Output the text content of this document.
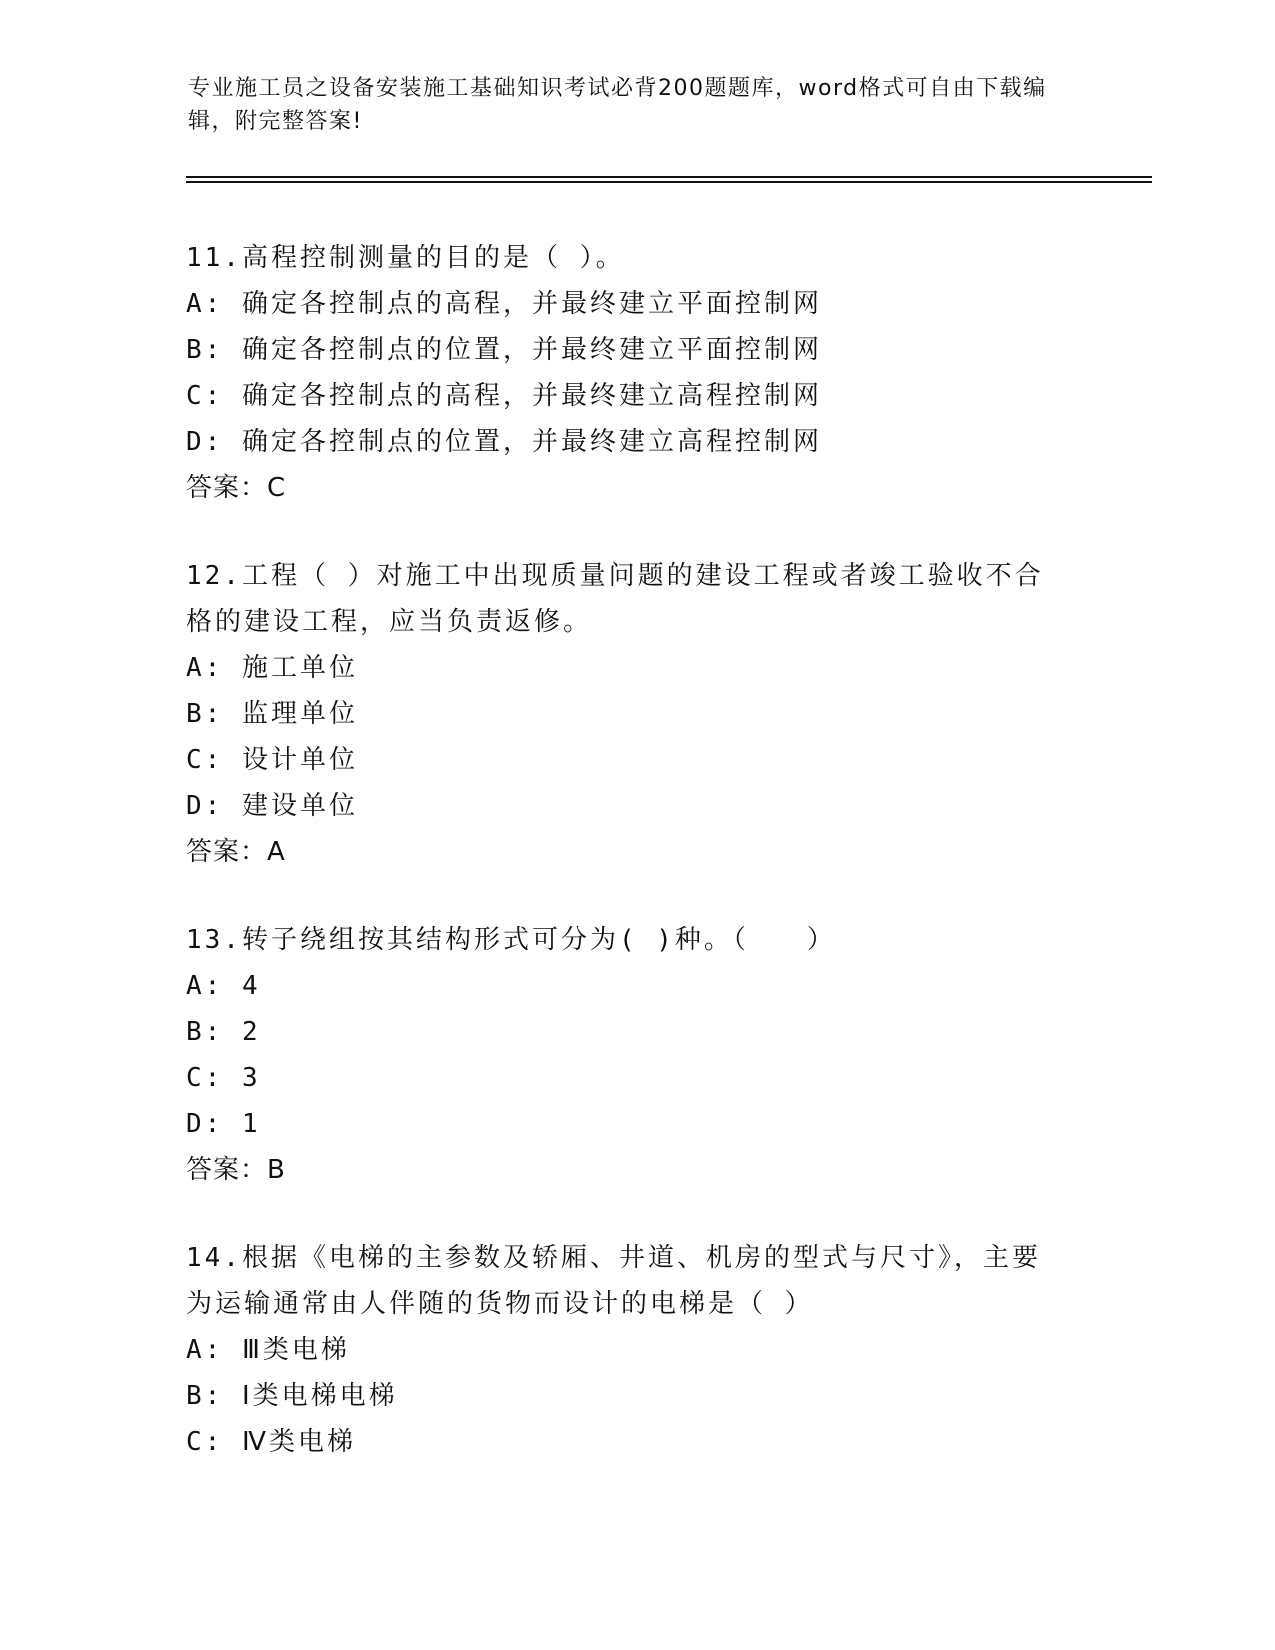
专业施工员之设备安装施工基础知识考试必背200题题库，word格式可自由下载编辑，附完整答案!
11.高程控制测量的目的是（ ）。
A: 确定各控制点的高程，并最终建立平面控制网
B: 确定各控制点的位置，并最终建立平面控制网
C: 确定各控制点的高程，并最终建立高程控制网
D: 确定各控制点的位置，并最终建立高程控制网
答案：C
12.工程（ ）对施工中出现质量问题的建设工程或者竣工验收不合格的建设工程，应当负责返修。
A: 施工单位
B: 监理单位
C: 设计单位
D: 建设单位
答案：A
13.转子绕组按其结构形式可分为( )种。（　　）
A: 4
B: 2
C: 3
D: 1
答案：B
14.根据《电梯的主参数及轿厢、井道、机房的型式与尺寸》，主要为运输通常由人伴随的货物而设计的电梯是（ ）
A: Ⅲ类电梯
B: Ⅰ类电梯电梯
C: Ⅳ类电梯
